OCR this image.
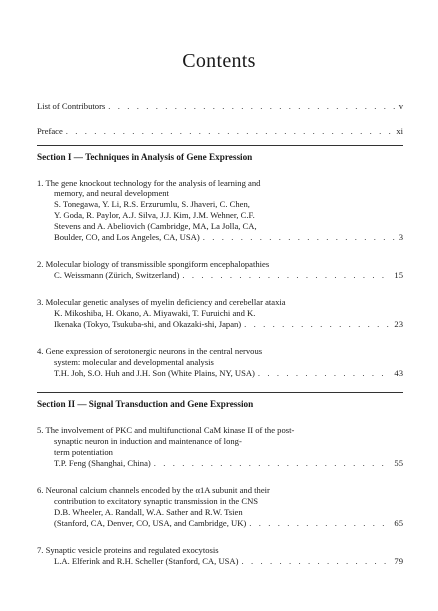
Contents
List of Contributors . . .	v
Preface . . .	xi
Section I — Techniques in Analysis of Gene Expression
1. The gene knockout technology for the analysis of learning and
memory, and neural development
S. Tonegawa, Y. Li, R.S. Erzurumlu, S. Jhaveri, C. Chen,
Y. Goda, R. Paylor, A.J. Silva, J.J. Kim, J.M. Wehner, C.F.
Stevens and A. Abeliovich (Cambridge, MA, La Jolla, CA,
Boulder, CO, and Los Angeles, CA, USA) . . .	3
2. Molecular biology of transmissible spongiform encephalopathies
C. Weissmann (Zürich, Switzerland) . . .	15
3. Molecular genetic analyses of myelin deficiency and cerebellar ataxia
K. Mikoshiba, H. Okano, A. Miyawaki, T. Furuichi and K.
Ikenaka (Tokyo, Tsukuba-shi, and Okazaki-shi, Japan) . . .	23
4. Gene expression of serotonergic neurons in the central nervous
system: molecular and developmental analysis
T.H. Joh, S.O. Huh and J.H. Son (White Plains, NY, USA) . . .	43
Section II — Signal Transduction and Gene Expression
5. The involvement of PKC and multifunctional CaM kinase II of the post-
synaptic neuron in induction and maintenance of long-
term potentiation
T.P. Feng (Shanghai, China) . . .	55
6. Neuronal calcium channels encoded by the α1A subunit and their
contribution to excitatory synaptic transmission in the CNS
D.B. Wheeler, A. Randall, W.A. Sather and R.W. Tsien
(Stanford, CA, Denver, CO, USA, and Cambridge, UK) . . .	65
7. Synaptic vesicle proteins and regulated exocytosis
L.A. Elferink and R.H. Scheller (Stanford, CA, USA) . . .	79
